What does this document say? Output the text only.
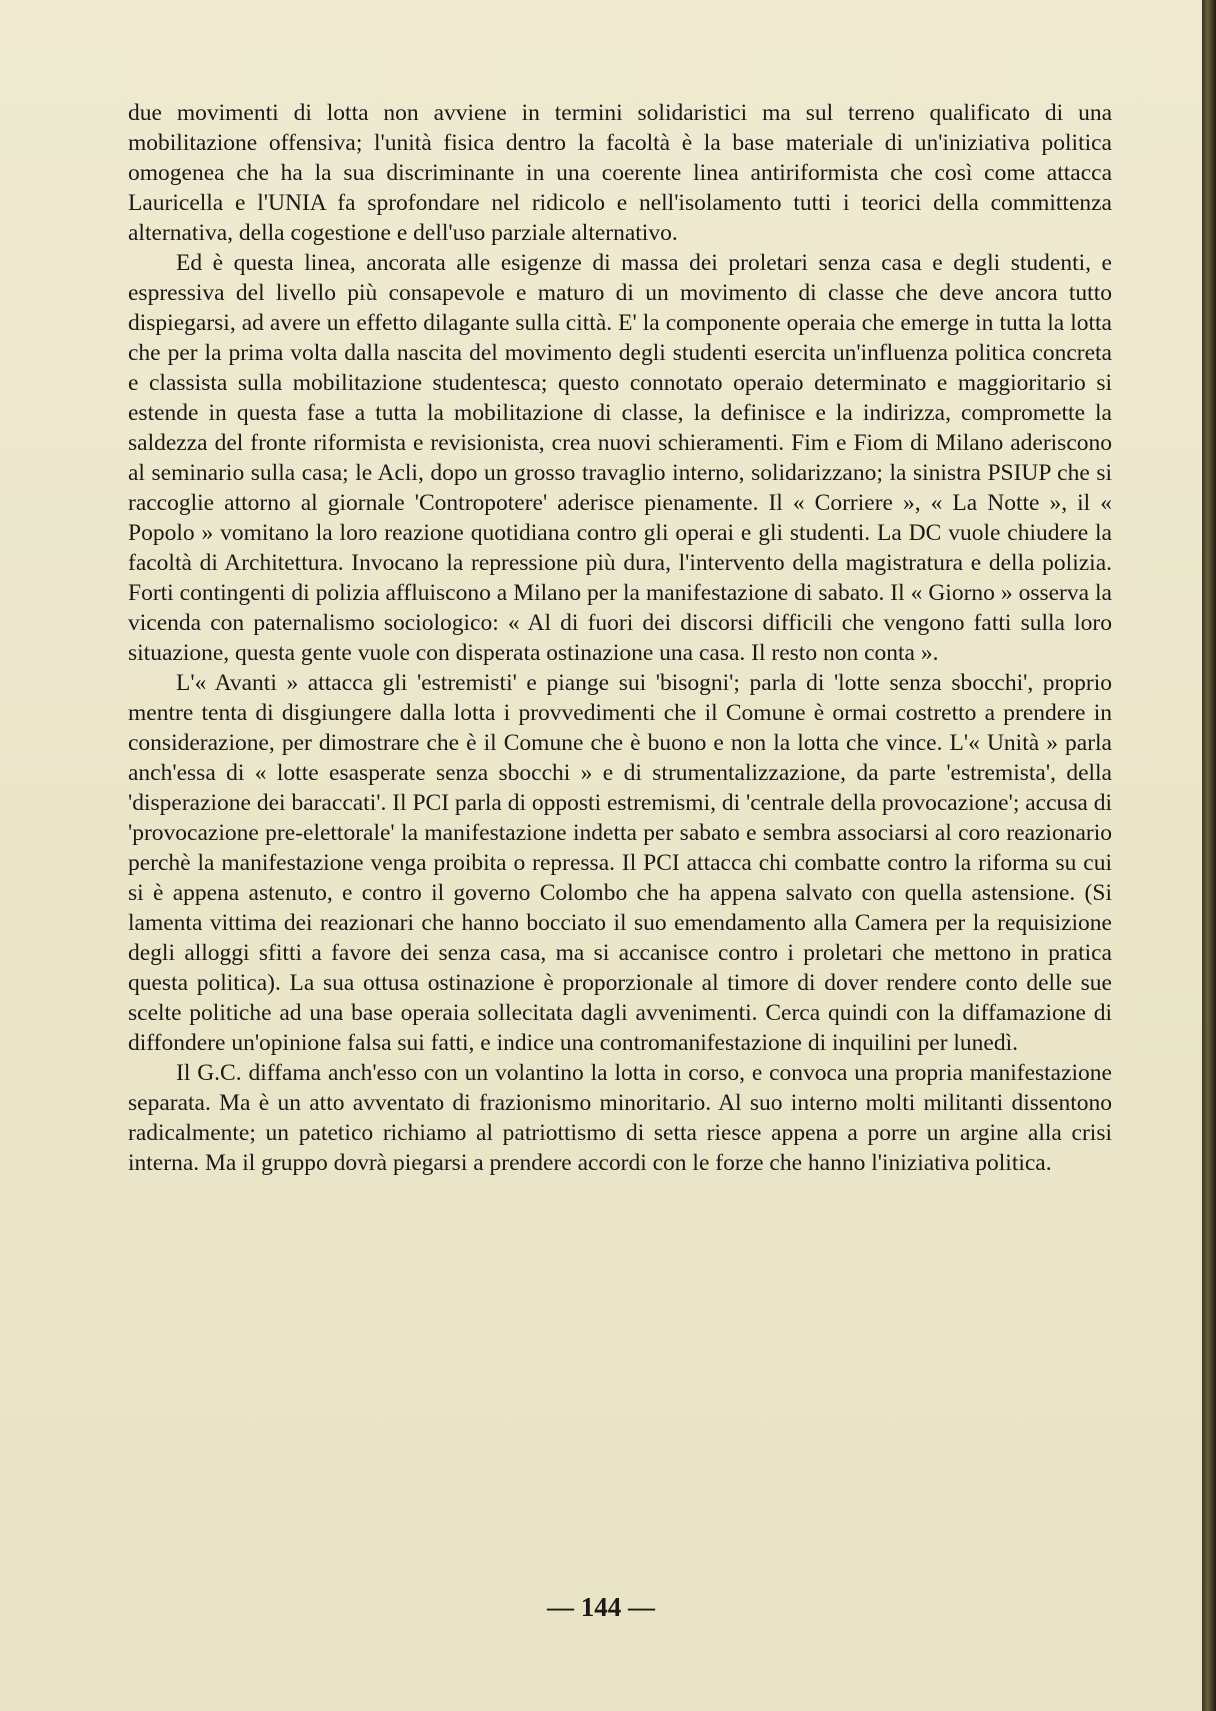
due movimenti di lotta non avviene in termini solidaristici ma sul terreno qualificato di una mobilitazione offensiva; l'unità fisica dentro la facoltà è la base materiale di un'iniziativa politica omogenea che ha la sua discriminante in una coerente linea antiriformista che così come attacca Lauricella e l'UNIA fa sprofondare nel ridicolo e nell'isolamento tutti i teorici della committenza alternativa, della cogestione e dell'uso parziale alternativo.

Ed è questa linea, ancorata alle esigenze di massa dei proletari senza casa e degli studenti, e espressiva del livello più consapevole e maturo di un movimento di classe che deve ancora tutto dispiegarsi, ad avere un effetto dilagante sulla città. E' la componente operaia che emerge in tutta la lotta che per la prima volta dalla nascita del movimento degli studenti esercita un'influenza politica concreta e classista sulla mobilitazione studentesca; questo connotato operaio determinato e maggioritario si estende in questa fase a tutta la mobilitazione di classe, la definisce e la indirizza, compromette la saldezza del fronte riformista e revisionista, crea nuovi schieramenti. Fim e Fiom di Milano aderiscono al seminario sulla casa; le Acli, dopo un grosso travaglio interno, solidarizzano; la sinistra PSIUP che si raccoglie attorno al giornale 'Contropotere' aderisce pienamente. Il « Corriere », « La Notte », il « Popolo » vomitano la loro reazione quotidiana contro gli operai e gli studenti. La DC vuole chiudere la facoltà di Architettura. Invocano la repressione più dura, l'intervento della magistratura e della polizia. Forti contingenti di polizia affluiscono a Milano per la manifestazione di sabato. Il « Giorno » osserva la vicenda con paternalismo sociologico: « Al di fuori dei discorsi difficili che vengono fatti sulla loro situazione, questa gente vuole con disperata ostinazione una casa. Il resto non conta ».

L'« Avanti » attacca gli 'estremisti' e piange sui 'bisogni'; parla di 'lotte senza sbocchi', proprio mentre tenta di disgiungere dalla lotta i provvedimenti che il Comune è ormai costretto a prendere in considerazione, per dimostrare che è il Comune che è buono e non la lotta che vince. L'« Unità » parla anch'essa di « lotte esasperate senza sbocchi » e di strumentalizzazione, da parte 'estremista', della 'disperazione dei baraccati'. Il PCI parla di opposti estremismi, di 'centrale della provocazione'; accusa di 'provocazione pre-elettorale' la manifestazione indetta per sabato e sembra associarsi al coro reazionario perchè la manifestazione venga proibita o repressa. Il PCI attacca chi combatte contro la riforma su cui si è appena astenuto, e contro il governo Colombo che ha appena salvato con quella astensione. (Si lamenta vittima dei reazionari che hanno bocciato il suo emendamento alla Camera per la requisizione degli alloggi sfitti a favore dei senza casa, ma si accanisce contro i proletari che mettono in pratica questa politica). La sua ottusa ostinazione è proporzionale al timore di dover rendere conto delle sue scelte politiche ad una base operaia sollecitata dagli avvenimenti. Cerca quindi con la diffamazione di diffondere un'opinione falsa sui fatti, e indice una contromanifestazione di inquilini per lunedì.

Il G.C. diffama anch'esso con un volantino la lotta in corso, e convoca una propria manifestazione separata. Ma è un atto avventato di frazionismo minoritario. Al suo interno molti militanti dissentono radicalmente; un patetico richiamo al patriottismo di setta riesce appena a porre un argine alla crisi interna. Ma il gruppo dovrà piegarsi a prendere accordi con le forze che hanno l'iniziativa politica.

— 144 —
